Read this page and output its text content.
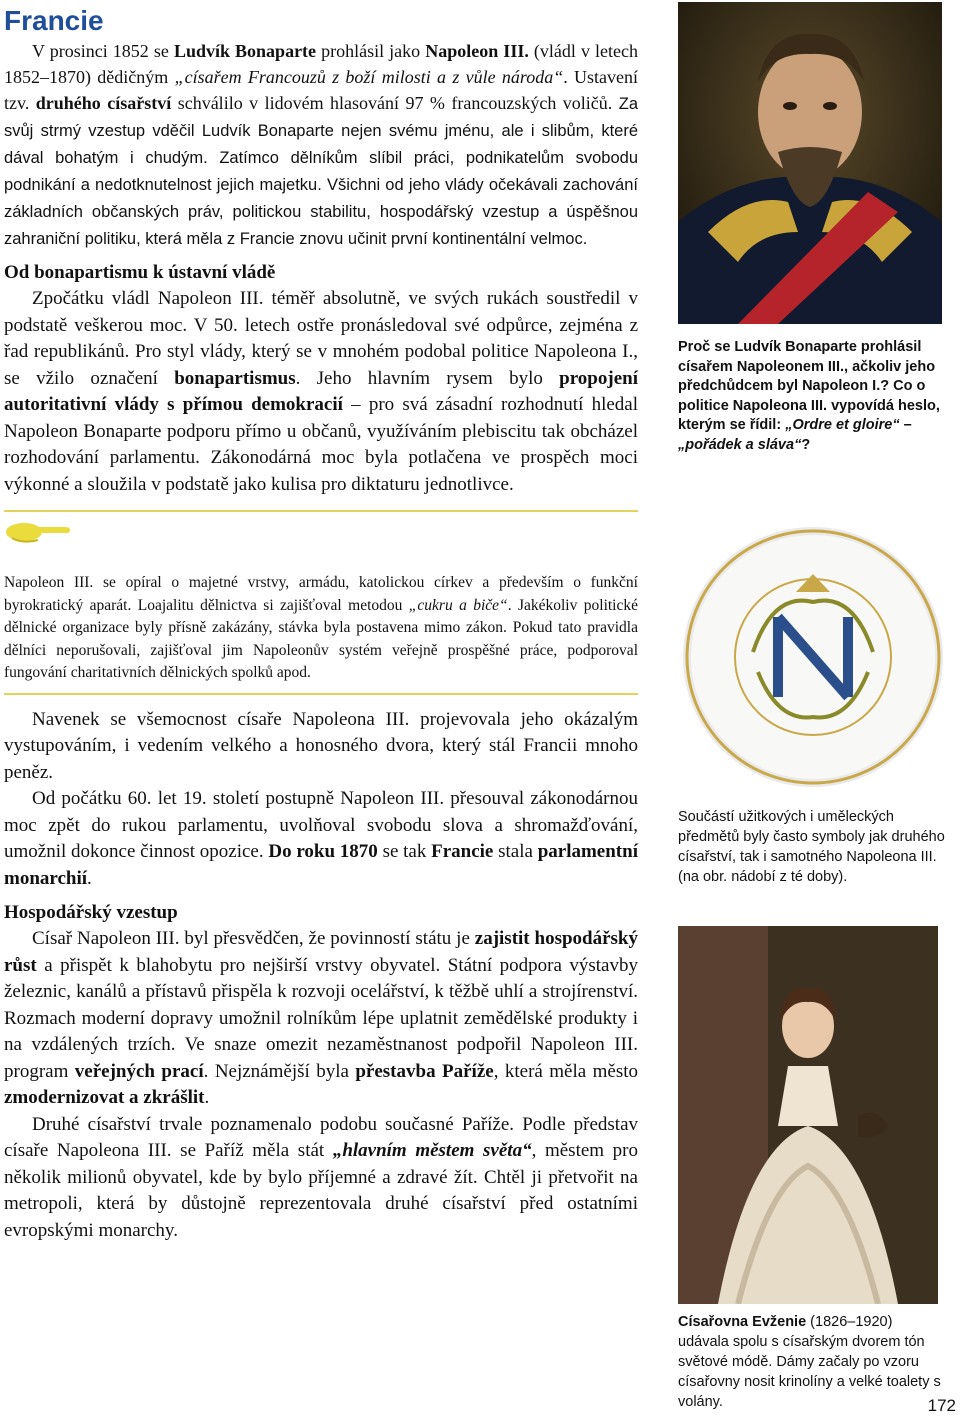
Francie

V prosinci 1852 se Ludvík Bonaparte prohlásil jako Napoleon III. (vládl v letech 1852–1870) dědičným „císařem Francouzů z boží milosti a z vůle národa“. Ustavení tzv. druhého císařství schválilo v lidovém hlasování 97 % francouzských voličů. Za svůj strmý vzestup vděčil Ludvík Bonaparte nejen svému jménu, ale i slibům, které dával bohatým i chudým. Zatímco dělníkům slíbil práci, podnikatelům svobodu podnikání a nedotknutelnost jejich majetku. Všichni od jeho vlády očekávali zachování základních občanských práv, politickou stabilitu, hospodářský vzestup a úspěšnou zahraniční politiku, která měla z Francie znovu učinit první kontinentální velmoc.

Od bonapartismu k ústavní vládě

Zpočátku vládl Napoleon III. téměř absolutně, ve svých rukách soustředil v podstatě veškerou moc. V 50. letech ostře pronásledoval své odpůrce, zejména z řad republikánů. Pro styl vlády, který se v mnohém podobal politice Napoleona I., se vžilo označení bonapartismus. Jeho hlavním rysem bylo propojení autoritativní vlády s přímou demokracií – pro svá zásadní rozhodnutí hledal Napoleon Bonaparte podporu přímo u občanů, využíváním plebiscitu tak obcházel rozhodování parlamentu. Zákonodárná moc byla potlačena ve prospěch moci výkonné a sloužila v podstatě jako kulisa pro diktaturu jednotlivce.

Napoleon III. se opíral o majetné vrstvy, armádu, katolickou církev a především o funkční byrokratický aparát. Loajalitu dělnictva si zajišťoval metodou „cukru a biče“. Jakékoliv politické dělnické organizace byly přísně zakázány, stávka byla postavena mimo zákon. Pokud tato pravidla dělníci neporušovali, zajišťoval jim Napoleonův systém veřejně prospěšné práce, podporoval fungování charitativních dělnických spolků apod.

Navenek se všemocnost císaře Napoleona III. projevovala jeho okázalým vystupováním, i vedením velkého a honosného dvora, který stál Francii mnoho peněz.

Od počátku 60. let 19. století postupně Napoleon III. přesouval zákonodárnou moc zpět do rukou parlamentu, uvolňoval svobodu slova a shromažďování, umožnil dokonce činnost opozice. Do roku 1870 se tak Francie stala parlamentní monarchií.

Hospodářský vzestup

Císař Napoleon III. byl přesvědčen, že povinností státu je zajistit hospodářský růst a přispět k blahobytu pro nejširší vrstvy obyvatel. Státní podpora výstavby železnic, kanálů a přístavů přispěla k rozvoji ocelářství, k těžbě uhlí a strojírenství. Rozmach moderní dopravy umožnil rolníkům lépe uplatnit zemědělské produkty i na vzdálených trzích. Ve snaze omezit nezaměstnanost podpořil Napoleon III. program veřejných prací. Nejznámější byla přestavba Paříže, která měla město zmodernizovat a zkrášlit.

Druhé císařství trvale poznamenalo podobu současné Paříže. Podle představ císaře Napoleona III. se Paříž měla stát „hlavním městem světa“, městem pro několik milionů obyvatel, kde by bylo příjemné a zdravé žít. Chtěl ji přetvořit na metropoli, která by důstojně reprezentovala druhé císařství před ostatními evropskými monarchy.

Proč se Ludvík Bonaparte prohlásil císařem Napoleonem III., ačkoliv jeho předchůdcem byl Napoleon I.? Co o politice Napoleona III. vypovídá heslo, kterým se řídil: „Ordre et gloire“ – „pořádek a sláva“?
Součástí užitkových i uměleckých předmětů byly často symboly jak druhého císařství, tak i samotného Napoleona III. (na obr. nádobí z té doby).
Císařovna Evženie (1826–1920) udávala spolu s císařským dvorem tón světové módě. Dámy začaly po vzoru císařovny nosit krinolíny a velké toalety s volány.	172
